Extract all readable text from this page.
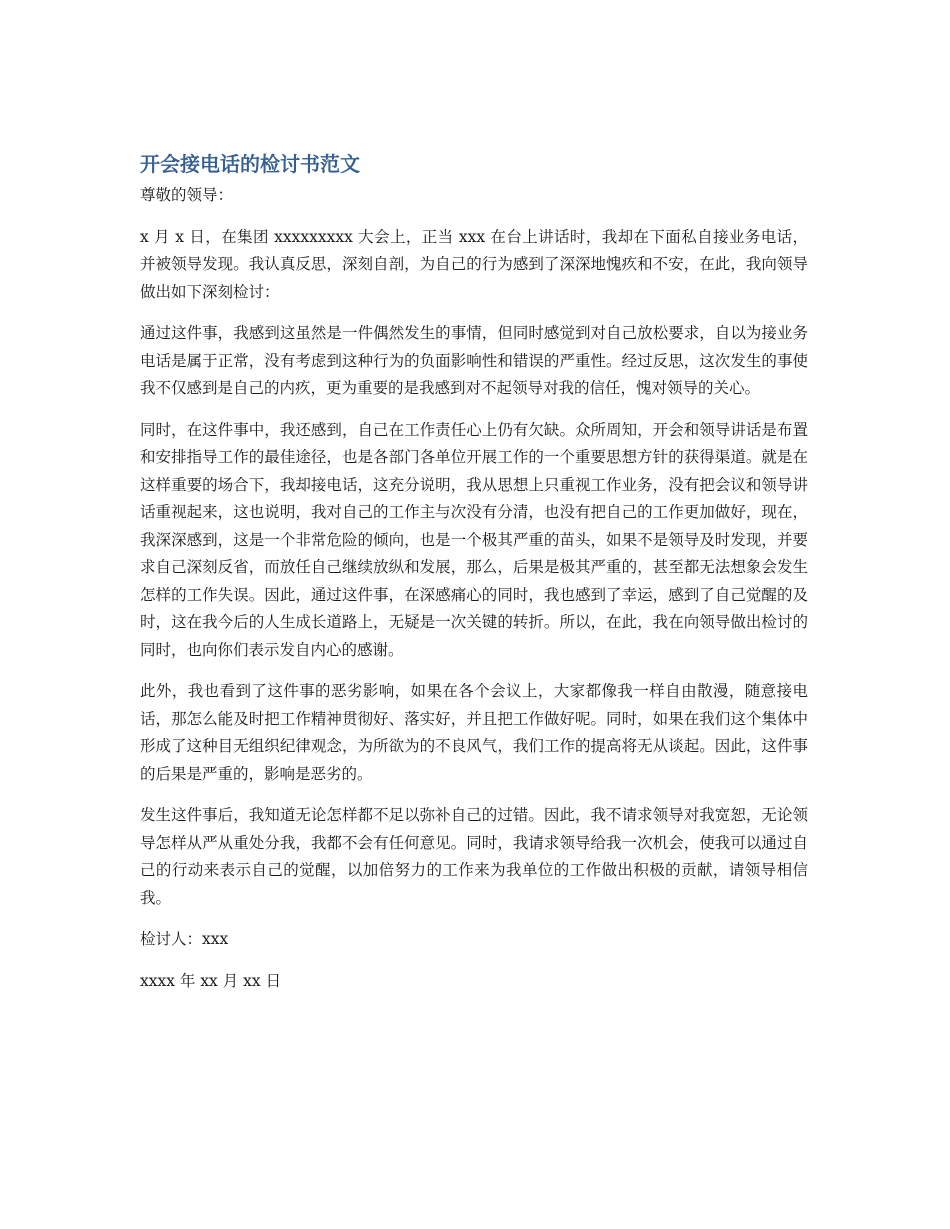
开会接电话的检讨书范文

尊敬的领导：

x 月 x 日，在集团 xxxxxxxxx 大会上，正当 xxx 在台上讲话时，我却在下面私自接业务电话，并被领导发现。我认真反思，深刻自剖，为自己的行为感到了深深地愧疚和不安，在此，我向领导做出如下深刻检讨：

通过这件事，我感到这虽然是一件偶然发生的事情，但同时感觉到对自己放松要求，自以为接业务电话是属于正常，没有考虑到这种行为的负面影响性和错误的严重性。经过反思，这次发生的事使我不仅感到是自己的内疚，更为重要的是我感到对不起领导对我的信任，愧对领导的关心。

同时，在这件事中，我还感到，自己在工作责任心上仍有欠缺。众所周知，开会和领导讲话是布置和安排指导工作的最佳途径，也是各部门各单位开展工作的一个重要思想方针的获得渠道。就是在这样重要的场合下，我却接电话，这充分说明，我从思想上只重视工作业务，没有把会议和领导讲话重视起来，这也说明，我对自己的工作主与次没有分清，也没有把自己的工作更加做好，现在，我深深感到，这是一个非常危险的倾向，也是一个极其严重的苗头，如果不是领导及时发现，并要求自己深刻反省，而放任自己继续放纵和发展，那么，后果是极其严重的，甚至都无法想象会发生怎样的工作失误。因此，通过这件事，在深感痛心的同时，我也感到了幸运，感到了自己觉醒的及时，这在我今后的人生成长道路上，无疑是一次关键的转折。所以，在此，我在向领导做出检讨的同时，也向你们表示发自内心的感谢。

此外，我也看到了这件事的恶劣影响，如果在各个会议上，大家都像我一样自由散漫，随意接电话，那怎么能及时把工作精神贯彻好、落实好，并且把工作做好呢。同时，如果在我们这个集体中形成了这种目无组织纪律观念，为所欲为的不良风气，我们工作的提高将无从谈起。因此，这件事的后果是严重的，影响是恶劣的。

发生这件事后，我知道无论怎样都不足以弥补自己的过错。因此，我不请求领导对我宽恕，无论领导怎样从严从重处分我，我都不会有任何意见。同时，我请求领导给我一次机会，使我可以通过自己的行动来表示自己的觉醒，以加倍努力的工作来为我单位的工作做出积极的贡献，请领导相信我。

检讨人：xxx

xxxx 年 xx 月 xx 日
